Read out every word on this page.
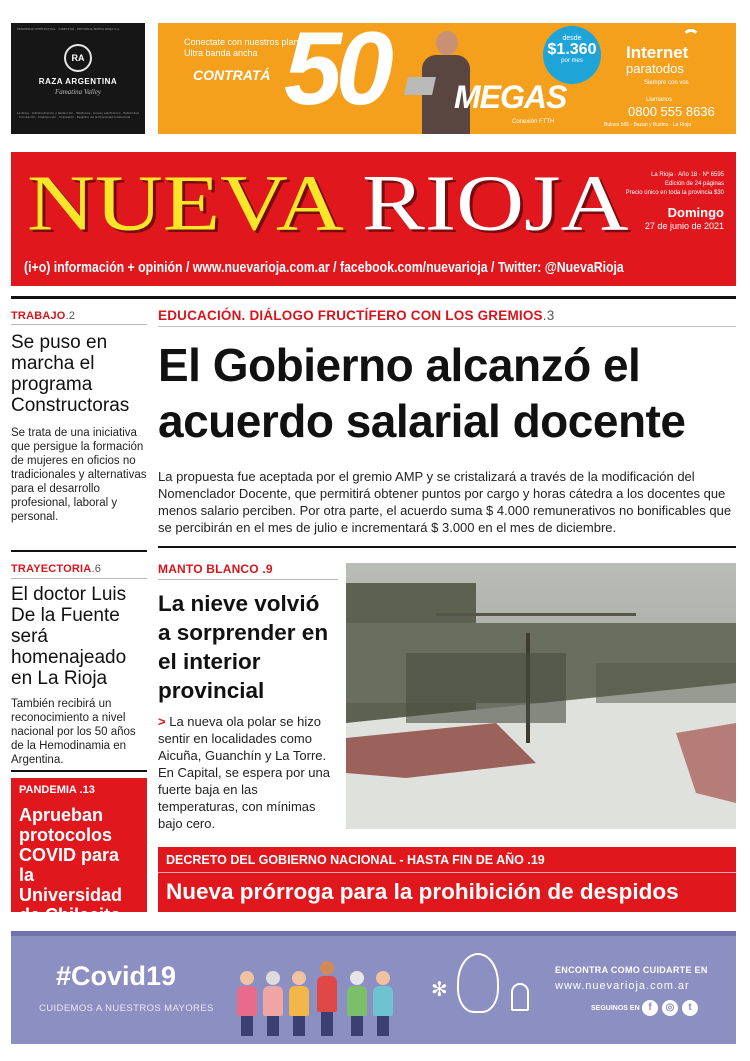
PROPIEDAD INTELECTUAL · DIRECTOR · EDITORIAL NUEVA RIOJA S.A.
RA
RAZA ARGENTINA
Famatina Valley
La Rioja · Administración y Redacción · Teléfonos · Correo electrónico · Publicidad · Circulación · Distribución · Impresión · Registro de la Propiedad Intelectual
Conectate con nuestros planes Ultra banda ancha
CONTRATÁ 50 MEGAS
Conexión FTTH
desde
$1.360
por mes	Internet
paratodos
Siempre con vos
Llamanos
0800 555 8636
Bulnes 565 - Bazan y Bustos - La Rioja
NUEVA RIOJA	La Rioja · Año 18 · Nº 6595
Edición de 24 páginas
Precio único en toda la provincia $30
Domingo
27 de junio de 2021
(i+o) información + opinión / www.nuevarioja.com.ar / facebook.com/nuevarioja / Twitter: @NuevaRioja
TRABAJO.2
Se puso en marcha el programa Constructoras
Se trata de una iniciativa que persigue la formación de mujeres en oficios no tradicionales y alternativas para el desarrollo profesional, laboral y personal.
TRAYECTORIA.6
El doctor Luis De la Fuente será homenajeado en La Rioja
También recibirá un reconocimiento a nivel nacional por los 50 años de la Hemodinamia en Argentina.
PANDEMIA .13
Aprueban protocolos COVID para la Universidad de Chilecito
EDUCACIÓN. DIÁLOGO FRUCTÍFERO CON LOS GREMIOS.3
El Gobierno alcanzó el
acuerdo salarial docente
La propuesta fue aceptada por el gremio AMP y se cristalizará a través de la modificación del Nomenclador Docente, que permitirá obtener puntos por cargo y horas cátedra a los docentes que menos salario perciben. Por otra parte, el acuerdo suma $ 4.000 remunerativos no bonificables que se percibirán en el mes de julio e incrementará $ 3.000 en el mes de diciembre.
MANTO BLANCO .9
La nieve volvió a sorprender en el interior provincial
> La nueva ola polar se hizo sentir en localidades como Aicuña, Guanchín y La Torre. En Capital, se espera por una fuerte baja en las temperaturas, con mínimas bajo cero.
DECRETO DEL GOBIERNO NACIONAL - HASTA FIN DE AÑO .19
Nueva prórroga para la prohibición de despidos
#Covid19
CUIDEMOS A NUESTROS MAYORES
✻
ENCONTRA COMO CUIDARTE EN
www.nuevarioja.com.ar
SEGUINOS EN f	◎	t
